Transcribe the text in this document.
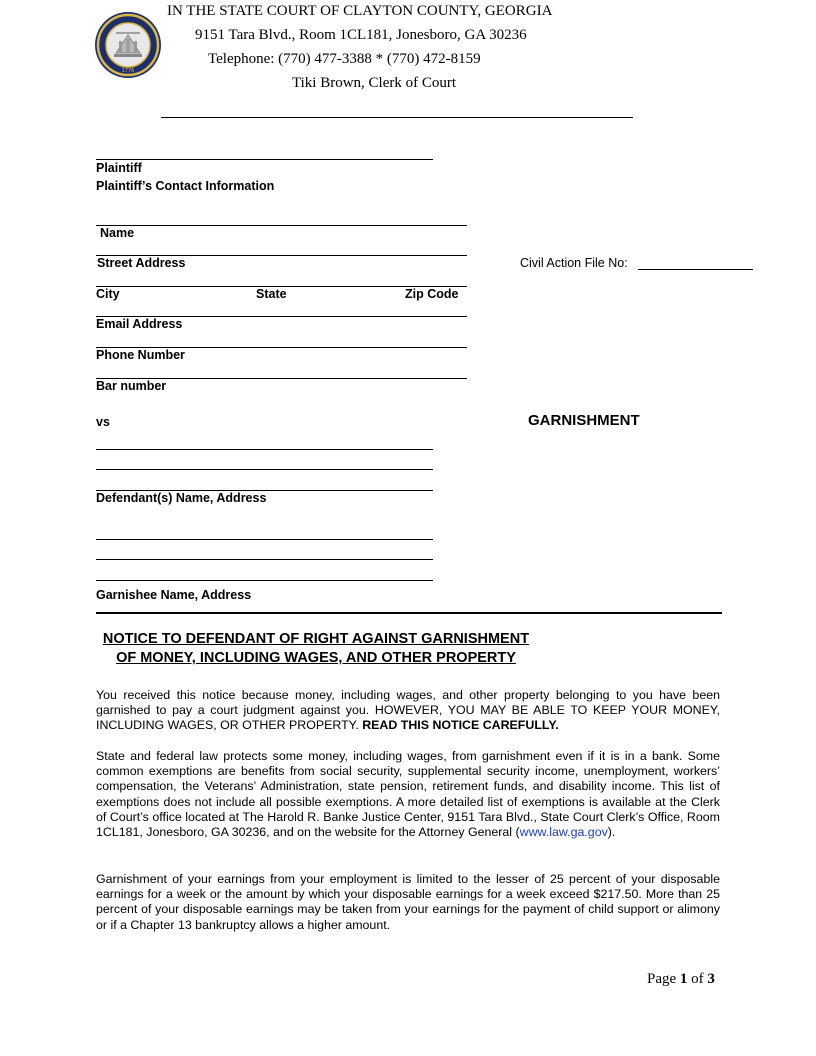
1776
IN THE STATE COURT OF CLAYTON COUNTY, GEORGIA
9151 Tara Blvd., Room 1CL181, Jonesboro, GA 30236
Telephone: (770) 477-3388 * (770) 472-8159
Tiki Brown, Clerk of Court
Plaintiff
Plaintiff’s Contact Information
Name
Street Address
City	State	Zip Code
Email Address
Phone Number
Bar number
Civil Action File No:
vs	GARNISHMENT
Defendant(s) Name, Address
Garnishee Name, Address
NOTICE TO DEFENDANT OF RIGHT AGAINST GARNISHMENT
OF MONEY, INCLUDING WAGES, AND OTHER PROPERTY
You received this notice because money, including wages, and other property belonging to you have been garnished to pay a court judgment against you. HOWEVER, YOU MAY BE ABLE TO KEEP YOUR MONEY, INCLUDING WAGES, OR OTHER PROPERTY. READ THIS NOTICE CAREFULLY.
State and federal law protects some money, including wages, from garnishment even if it is in a bank. Some common exemptions are benefits from social security, supplemental security income, unemployment, workers’ compensation, the Veterans’ Administration, state pension, retirement funds, and disability income. This list of exemptions does not include all possible exemptions. A more detailed list of exemptions is available at the Clerk of Court’s office located at The Harold R. Banke Justice Center, 9151 Tara Blvd., State Court Clerk’s Office, Room 1CL181, Jonesboro, GA 30236, and on the website for the Attorney General (www.law.ga.gov).
Garnishment of your earnings from your employment is limited to the lesser of 25 percent of your disposable earnings for a week or the amount by which your disposable earnings for a week exceed $217.50. More than 25 percent of your disposable earnings may be taken from your earnings for the payment of child support or alimony or if a Chapter 13 bankruptcy allows a higher amount.
Page 1 of 3
